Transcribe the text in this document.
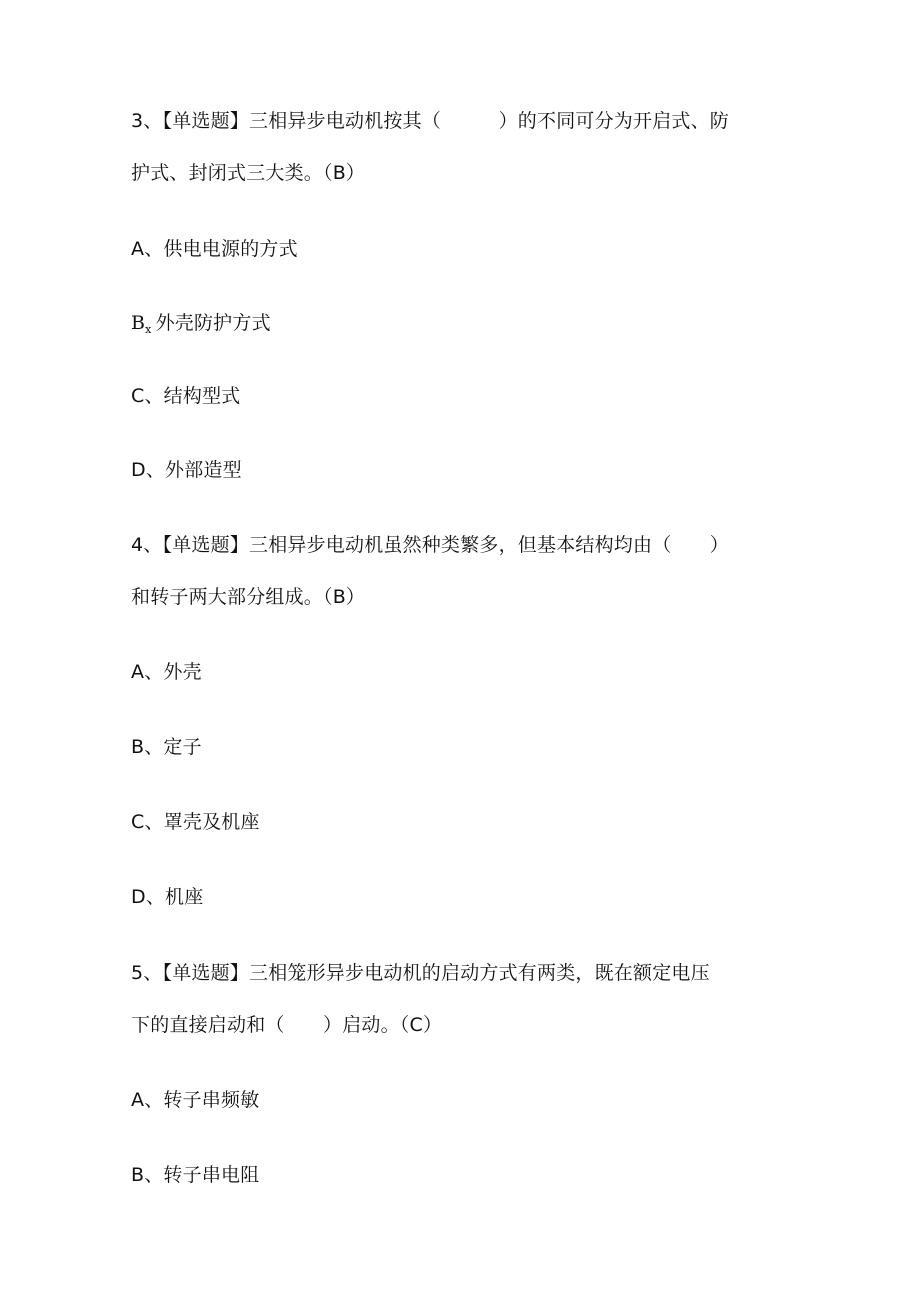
3、【单选题】三相异步电动机按其（　　　）的不同可分为开启式、防
护式、封闭式三大类。（B）
A、供电电源的方式
$B_x$ 外壳防护方式
C、结构型式
D、外部造型
4、【单选题】三相异步电动机虽然种类繁多，但基本结构均由（　　）
和转子两大部分组成。（B）
A、外壳
B、定子
C、罩壳及机座
D、机座
5、【单选题】三相笼形异步电动机的启动方式有两类，既在额定电压
下的直接启动和（　　）启动。（C）
A、转子串频敏
B、转子串电阻
